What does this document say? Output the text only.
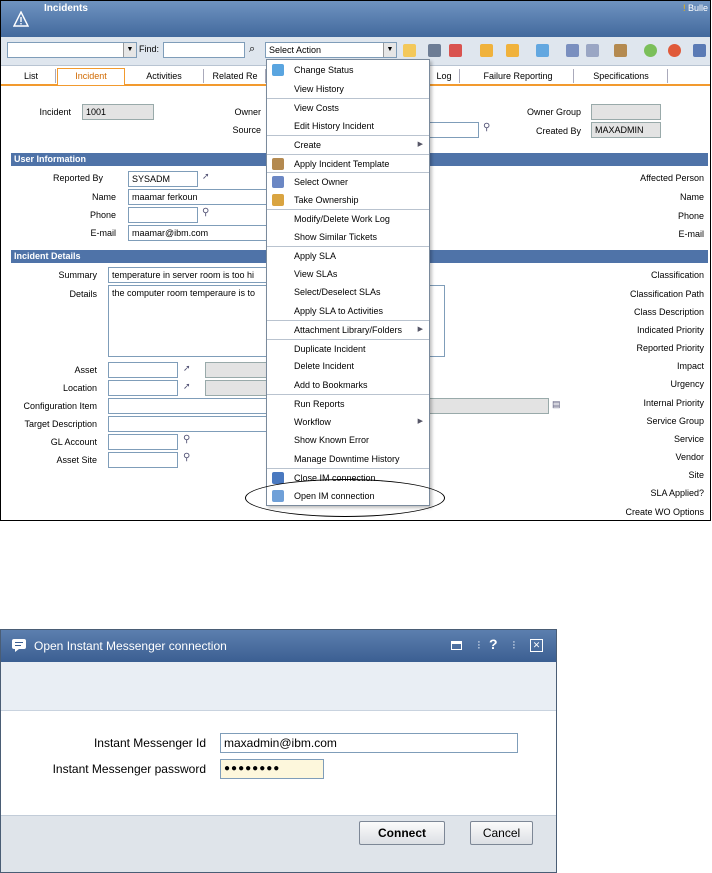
Incidents	! Bulle
▼ Find:	⌕	Select Action	▼
List	Incident	Activities	Related Re	Log	Failure Reporting	Specifications
Incident	1001	Owner
Source	⚲
Owner Group
Created By	MAXADMIN
User Information
Reported By	SYSADM	➚
Name	maamar ferkoun
Phone	⚲
E-mail	maamar@ibm.com
Affected Person
Name
Phone
E-mail
Incident Details
Summary	temperature in server room is too hi
Details	the computer room temperaure is to
Asset	➚
Location	➚
Configuration Item	▤
Target Description
GL Account	⚲
Asset Site	⚲
Classification
Classification Path
Class Description
Indicated Priority
Reported Priority
Impact
Urgency
Internal Priority
Service Group
Service
Vendor
Site
SLA Applied?
Create WO Options
Change Status
View History
View Costs
Edit History Incident
Create	▶
Apply Incident Template
Select Owner
Take Ownership
Modify/Delete Work Log
Show Similar Tickets
Apply SLA
View SLAs
Select/Deselect SLAs
Apply SLA to Activities
Attachment Library/Folders ▶
Duplicate Incident
Delete Incident
Add to Bookmarks
Run Reports
Workflow	▶
Show Known Error
Manage Downtime History
Close IM connection
Open IM connection
Open Instant Messenger connection	⁝ ? ⁝	✕
Instant Messenger Id	maxadmin@ibm.com
Instant Messenger password	●●●●●●●●
Connect	Cancel
